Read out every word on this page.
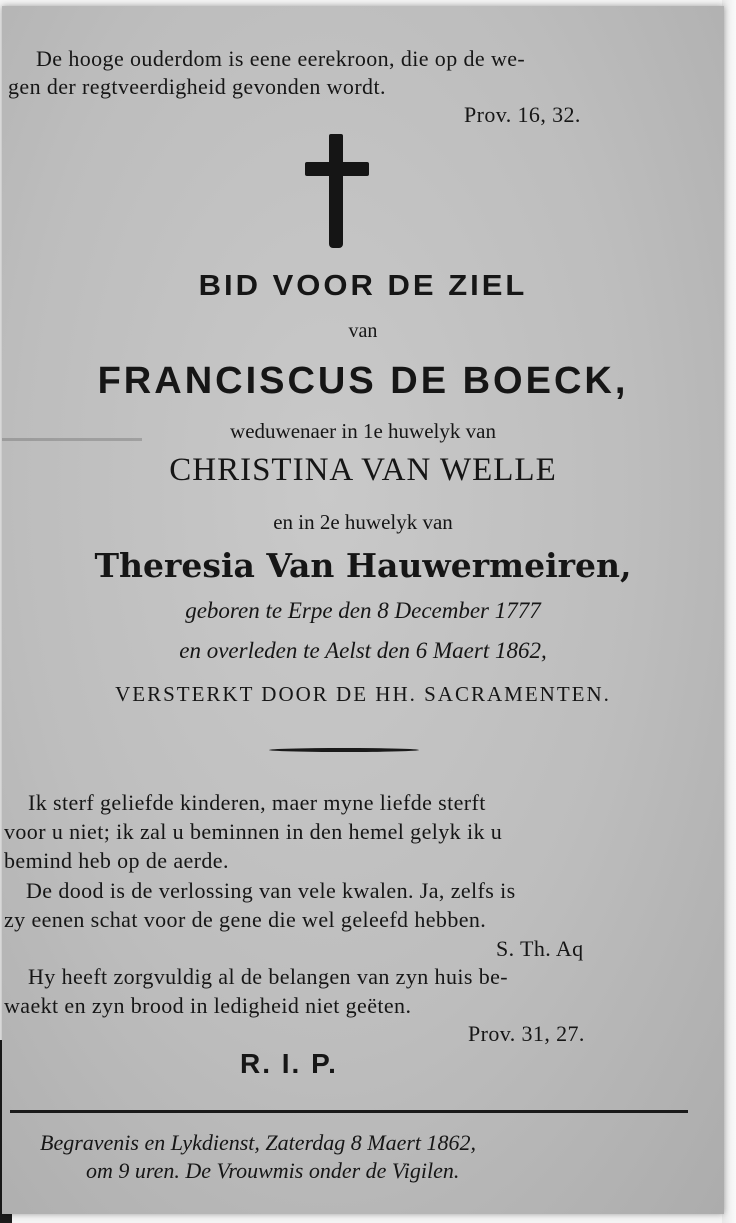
De hooge ouderdom is eene eerekroon, die op de we-
gen der regtveerdigheid gevonden wordt.
Prov. 16, 32.
BID VOOR DE ZIEL
van
FRANCISCUS DE BOECK,
weduwenaer in 1e huwelyk van
CHRISTINA VAN WELLE
en in 2e huwelyk van
Theresia Van Hauwermeiren,
geboren te Erpe den 8 December 1777
en overleden te Aelst den 6 Maert 1862,
VERSTERKT DOOR DE HH. SACRAMENTEN.
Ik sterf geliefde kinderen, maer myne liefde sterft
voor u niet; ik zal u beminnen in den hemel gelyk ik u
bemind heb op de aerde.
De dood is de verlossing van vele kwalen. Ja, zelfs is
zy eenen schat voor de gene die wel geleefd hebben.
S. Th. Aq
Hy heeft zorgvuldig al de belangen van zyn huis be-
waekt en zyn brood in ledigheid niet geëten.
Prov. 31, 27.
R. I. P.
Begravenis en Lykdienst, Zaterdag 8 Maert 1862,
om 9 uren. De Vrouwmis onder de Vigilen.
